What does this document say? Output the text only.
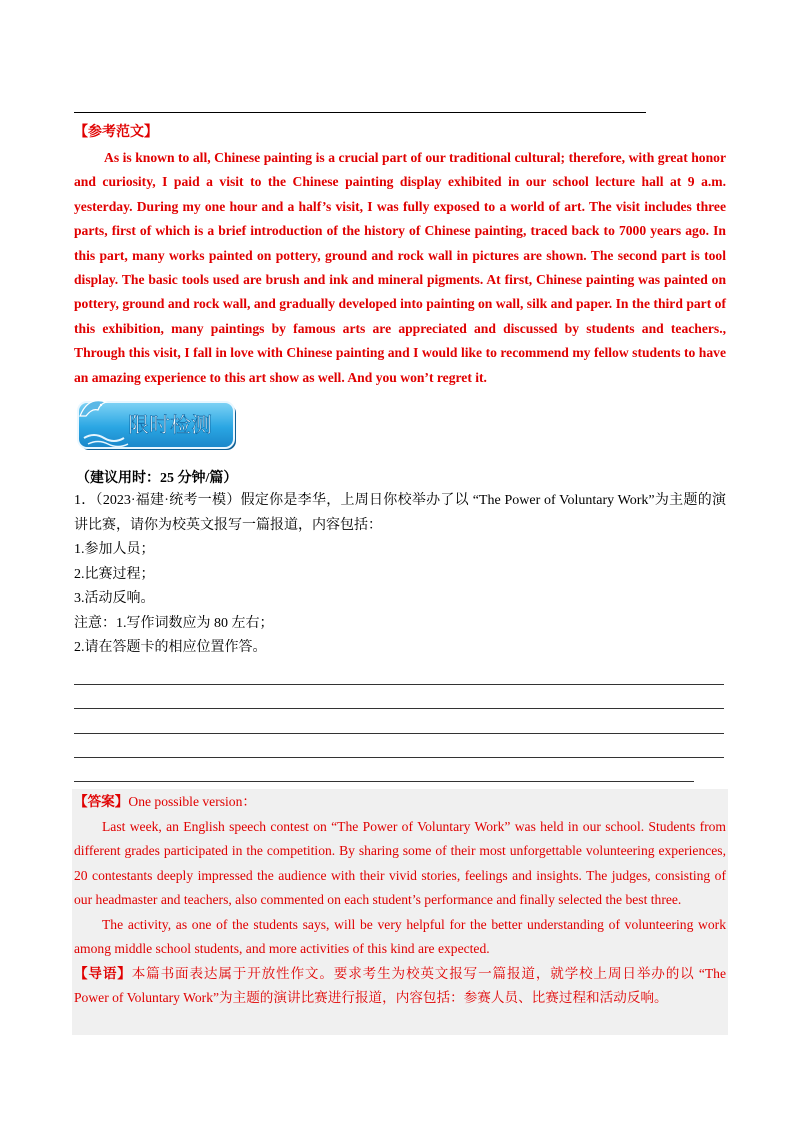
【参考范文】

As is known to all, Chinese painting is a crucial part of our traditional cultural; therefore, with great honor and curiosity, I paid a visit to the Chinese painting display exhibited in our school lecture hall at 9 a.m. yesterday. During my one hour and a half’s visit, I was fully exposed to a world of art. The visit includes three parts, first of which is a brief introduction of the history of Chinese painting, traced back to 7000 years ago. In this part, many works painted on pottery, ground and rock wall in pictures are shown. The second part is tool display. The basic tools used are brush and ink and mineral pigments. At first, Chinese painting was painted on pottery, ground and rock wall, and gradually developed into painting on wall, silk and paper. In the third part of this exhibition, many paintings by famous arts are appreciated and discussed by students and teachers., Through this visit, I fall in love with Chinese painting and I would like to recommend my fellow students to have an amazing experience to this art show as well. And you won’t regret it.

限时检测
（建议用时：25 分钟/篇）

1．（2023·福建·统考一模）假定你是李华，上周日你校举办了以 “The Power of Voluntary Work”为主题的演讲比赛，请你为校英文报写一篇报道，内容包括：

1.参加人员；

2.比赛过程；

3.活动反响。

注意：1.写作词数应为 80 左右；

2.请在答题卡的相应位置作答。

【答案】One possible version：

Last week, an English speech contest on “The Power of Voluntary Work” was held in our school. Students from different grades participated in the competition. By sharing some of their most unforgettable volunteering experiences, 20 contestants deeply impressed the audience with their vivid stories, feelings and insights. The judges, consisting of our headmaster and teachers, also commented on each student’s performance and finally selected the best three.

The activity, as one of the students says, will be very helpful for the better understanding of volunteering work among middle school students, and more activities of this kind are expected.

【导语】本篇书面表达属于开放性作文。要求考生为校英文报写一篇报道，就学校上周日举办的以 “The Power of Voluntary Work”为主题的演讲比赛进行报道，内容包括：参赛人员、比赛过程和活动反响。
